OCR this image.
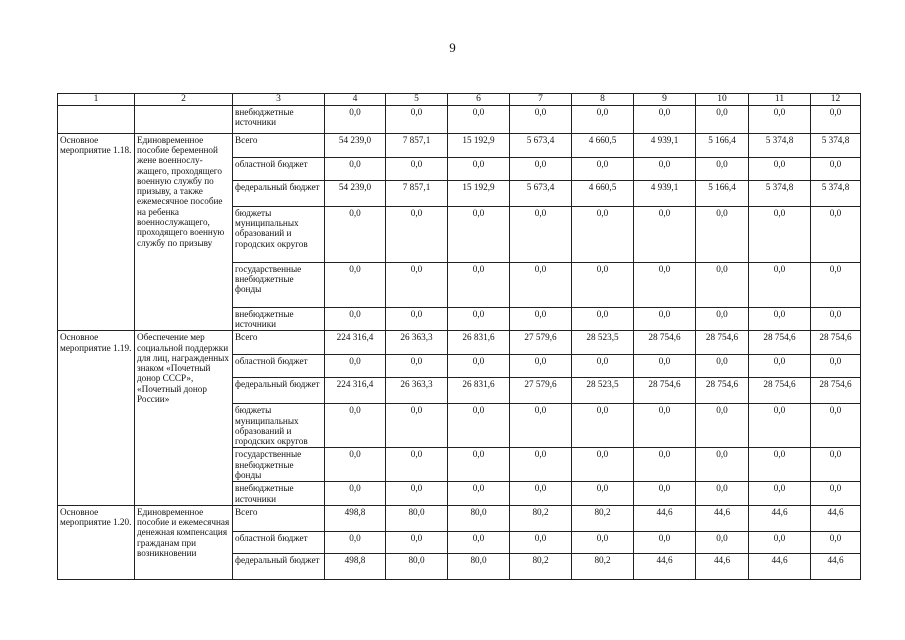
9
1	2	3	4	5	6	7	8	9	10	11	12
		внебюджетные источники	0,0	0,0	0,0	0,0	0,0	0,0	0,0	0,0	0,0
Основное мероприятие 1.18.	Единовременное пособие беременной жене военнослу-жащего, проходящего военную службу по призыву, а также ежемесячное пособие на ребенка военнослужащего, проходящего военную службу по призыву	Всего	54 239,0	7 857,1	15 192,9	5 673,4	4 660,5	4 939,1	5 166,4	5 374,8	5 374,8
		областной бюджет	0,0	0,0	0,0	0,0	0,0	0,0	0,0	0,0	0,0
		федеральный бюджет	54 239,0	7 857,1	15 192,9	5 673,4	4 660,5	4 939,1	5 166,4	5 374,8	5 374,8
		бюджеты муниципальных образований и городских округов	0,0	0,0	0,0	0,0	0,0	0,0	0,0	0,0	0,0
		государственные внебюджетные фонды	0,0	0,0	0,0	0,0	0,0	0,0	0,0	0,0	0,0
		внебюджетные источники	0,0	0,0	0,0	0,0	0,0	0,0	0,0	0,0	0,0
Основное мероприятие 1.19.	Обеспечение мер социальной поддержки для лиц, награжденных знаком «Почетный донор СССР», «Почетный донор России»	Всего	224 316,4	26 363,3	26 831,6	27 579,6	28 523,5	28 754,6	28 754,6	28 754,6	28 754,6
		областной бюджет	0,0	0,0	0,0	0,0	0,0	0,0	0,0	0,0	0,0
		федеральный бюджет	224 316,4	26 363,3	26 831,6	27 579,6	28 523,5	28 754,6	28 754,6	28 754,6	28 754,6
		бюджеты муниципальных образований и городских округов	0,0	0,0	0,0	0,0	0,0	0,0	0,0	0,0	0,0
		государственные внебюджетные фонды	0,0	0,0	0,0	0,0	0,0	0,0	0,0	0,0	0,0
		внебюджетные источники	0,0	0,0	0,0	0,0	0,0	0,0	0,0	0,0	0,0
Основное мероприятие 1.20.	Единовременное пособие и ежемесячная денежная компенсация гражданам при возникновении	Всего	498,8	80,0	80,0	80,2	80,2	44,6	44,6	44,6	44,6
		областной бюджет	0,0	0,0	0,0	0,0	0,0	0,0	0,0	0,0	0,0
		федеральный бюджет	498,8	80,0	80,0	80,2	80,2	44,6	44,6	44,6	44,6
